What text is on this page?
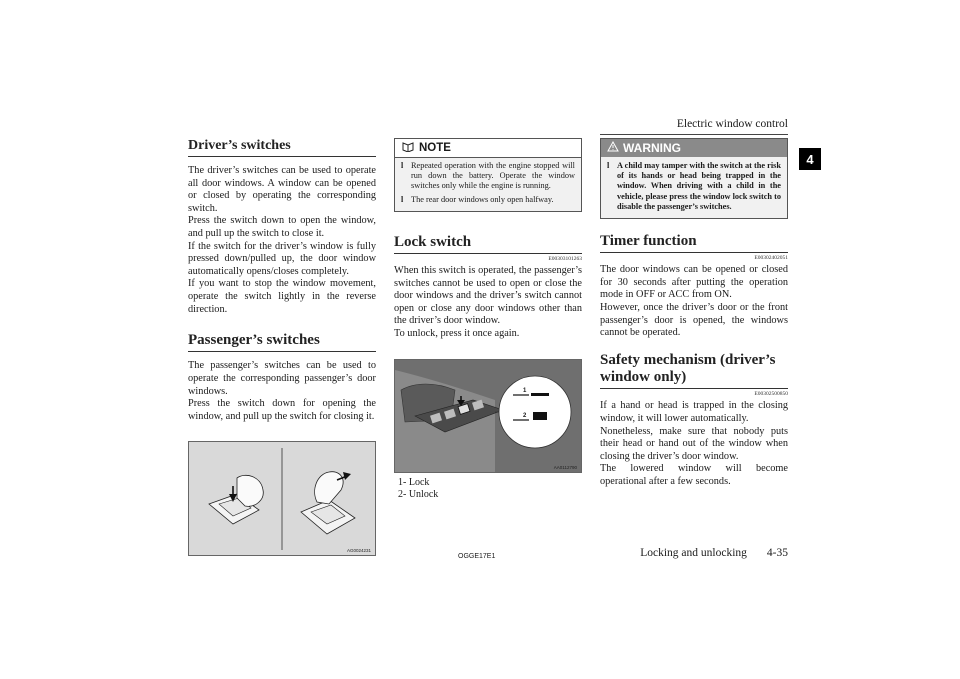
Electric window control
4
Driver’s switches
The driver’s switches can be used to operate all door windows. A window can be opened or closed by operating the corresponding switch.
Press the switch down to open the window, and pull up the switch to close it.
If the switch for the driver’s window is fully pressed down/pulled up, the door window automatically opens/closes completely.
If you want to stop the window movement, operate the switch lightly in the reverse direction.
Passenger’s switches
The passenger’s switches can be used to operate the corresponding passenger’s door windows.
Press the switch down for opening the window, and pull up the switch for closing it.
AG0024231
NOTE
l Repeated operation with the engine stopped will run down the battery. Operate the window switches only while the engine is running.
l The rear door windows only open halfway.
Lock switch
E00303101263
When this switch is operated, the passenger’s switches cannot be used to open or close the door windows and the driver’s switch cannot open or close any door windows other than the driver’s door window.
To unlock, press it once again.
1
2
AA0112790
1- Lock
2- Unlock
WARNING
l A child may tamper with the switch at the risk of its hands or head being trapped in the window. When driving with a child in the vehicle, please press the window lock switch to disable the passenger’s switches.
Timer function
E00302402051
The door windows can be opened or closed for 30 seconds after putting the operation mode in OFF or ACC from ON.
However, once the driver’s door or the front passenger’s door is opened, the windows cannot be operated.
Safety mechanism (driver’s window only)
E00302500850
If a hand or head is trapped in the closing window, it will lower automatically.
Nonetheless, make sure that nobody puts their head or hand out of the window when closing the driver’s door window.
The lowered window will become operational after a few seconds.
OGGE17E1	Locking and unlocking 4-35
